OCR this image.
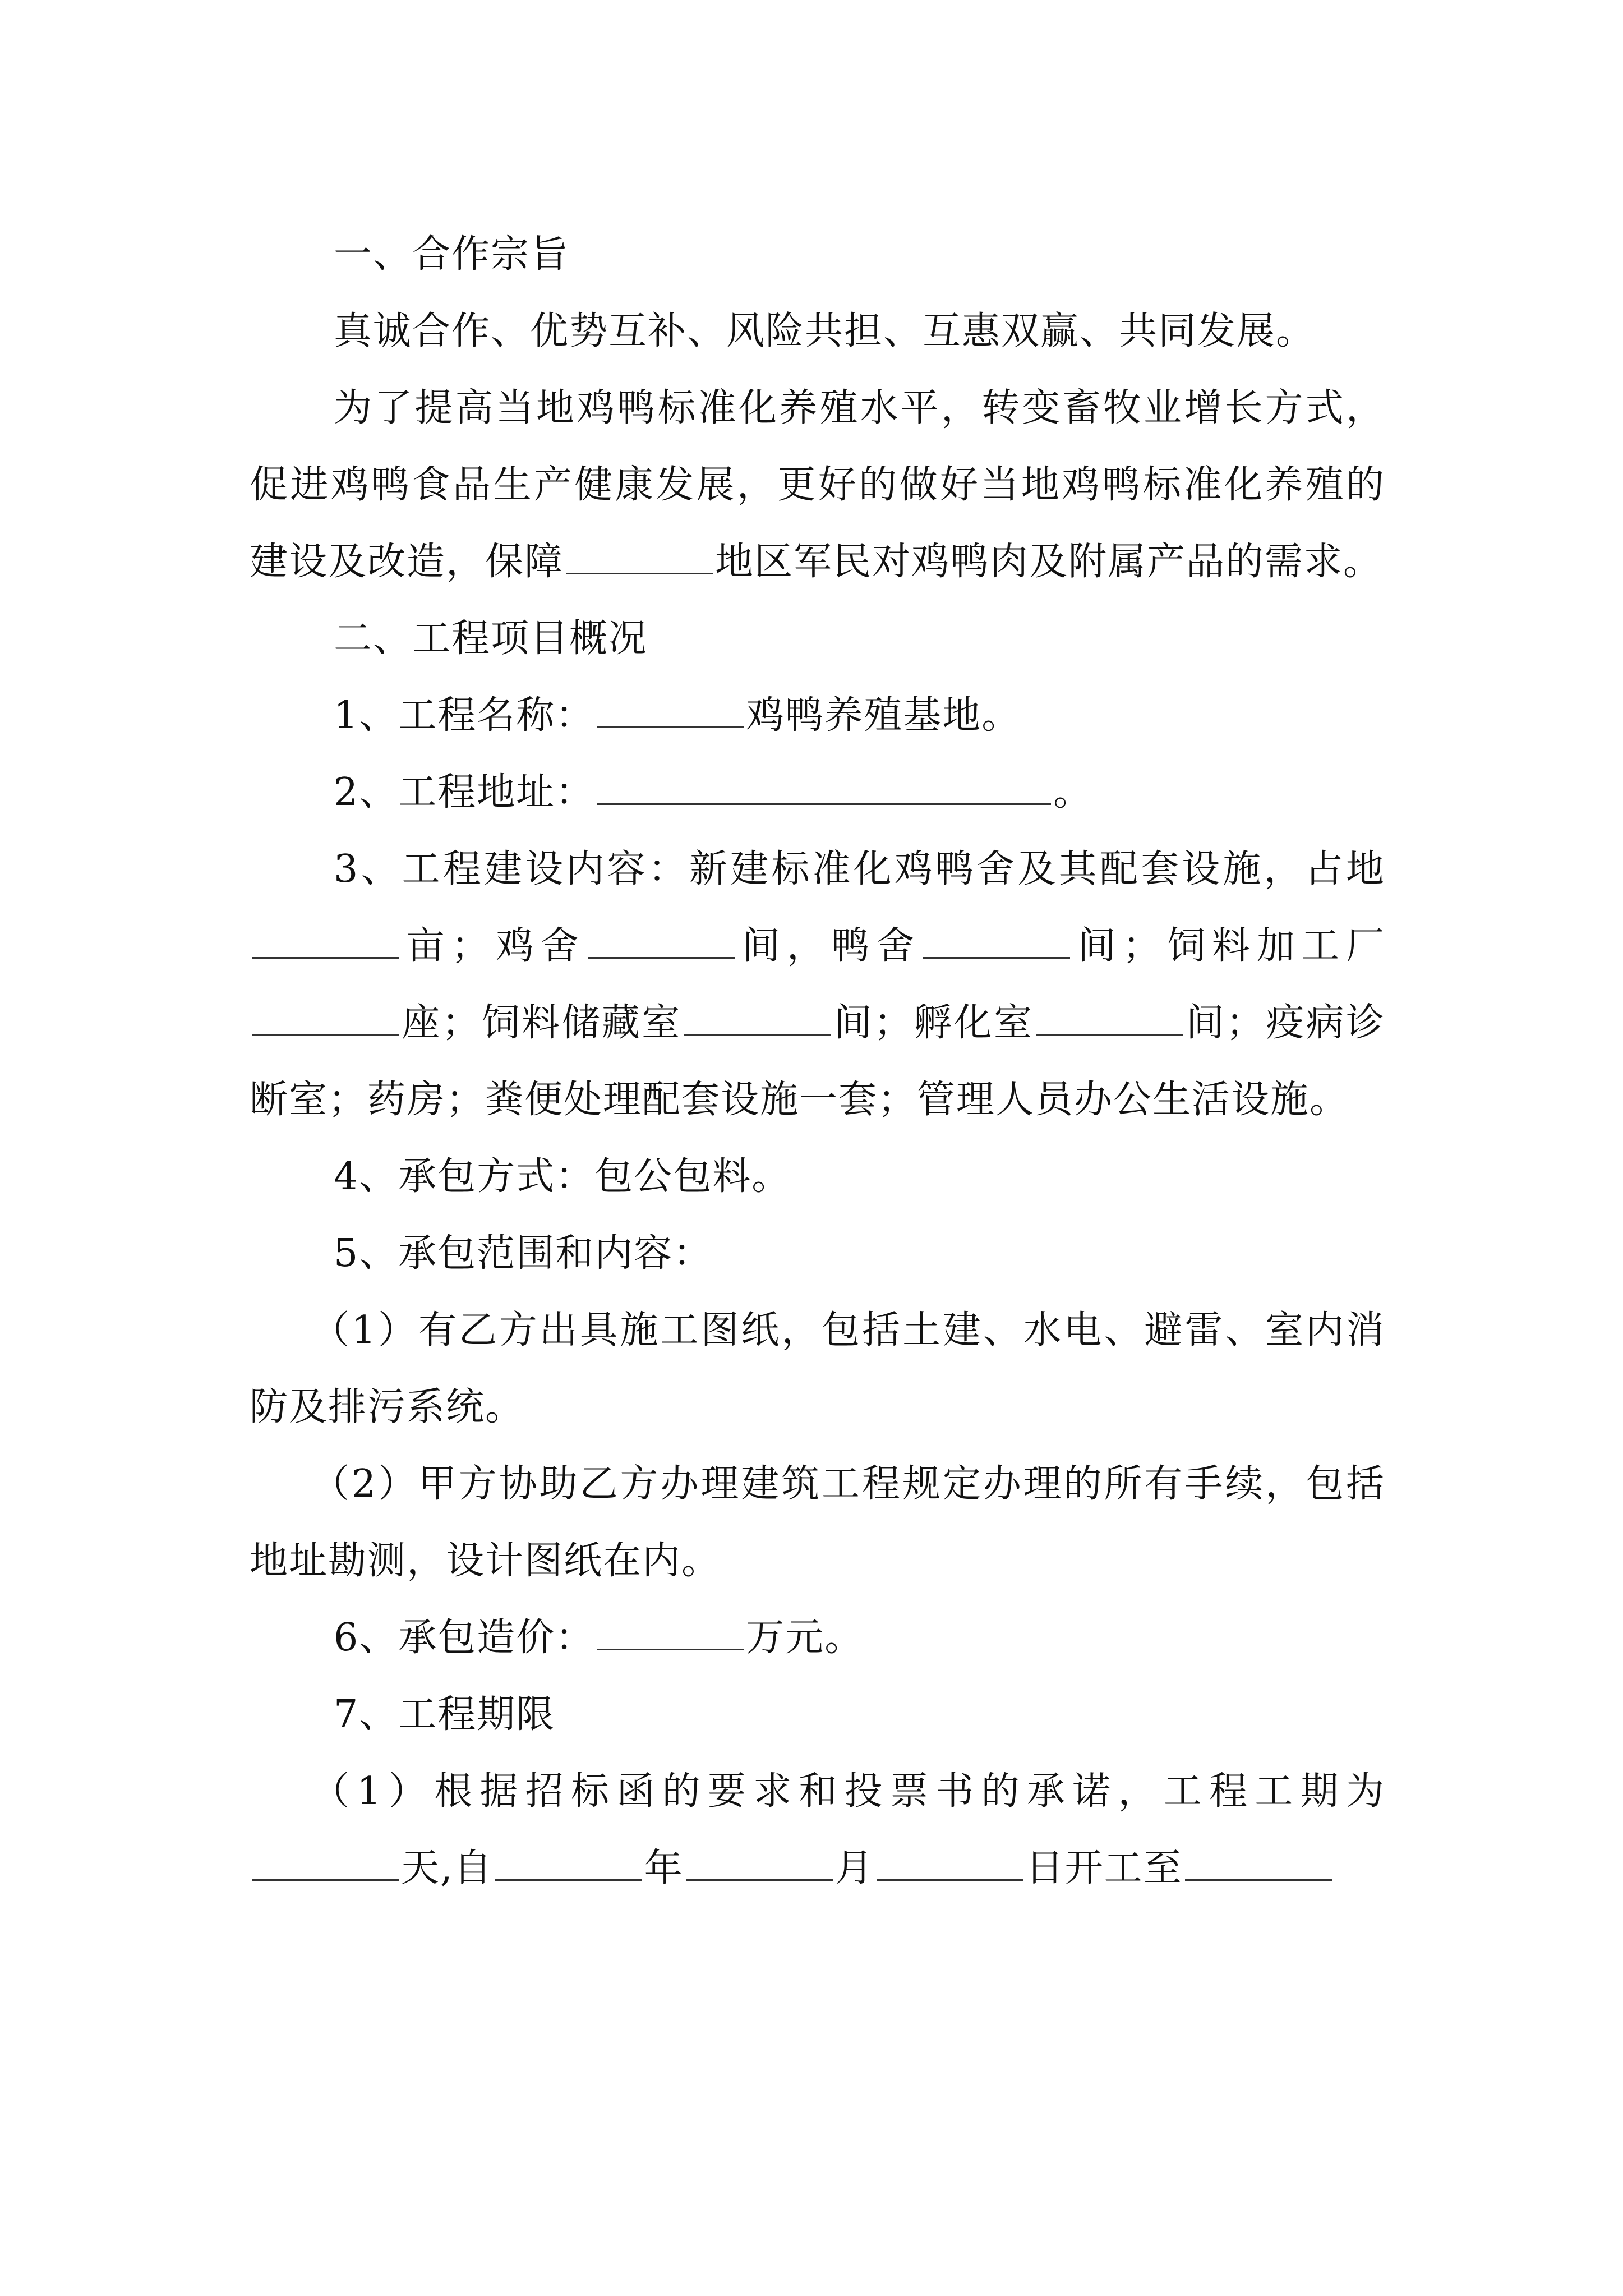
一、合作宗旨

真诚合作、优势互补、风险共担、互惠双赢、共同发展。

为了提高当地鸡鸭标准化养殖水平，转变畜牧业增长方式，促进鸡鸭食品生产健康发展，更好的做好当地鸡鸭标准化养殖的建设及改造，保障	地区军民对鸡鸭肉及附属产品的需求。

二、工程项目概况

1、工程名称：	鸡鸭养殖基地。

2、工程地址：	。

3、工程建设内容：新建标准化鸡鸭舍及其配套设施，占地亩；鸡舍	间，鸭舍	间；饲料加工厂座；饲料储藏室	间；孵化室	间；疫病诊断室；药房；粪便处理配套设施一套；管理人员办公生活设施。

4、承包方式：包公包料。

5、承包范围和内容：

（1）有乙方出具施工图纸，包括土建、水电、避雷、室内消防及排污系统。

（2）甲方协助乙方办理建筑工程规定办理的所有手续，包括地址勘测，设计图纸在内。

6、承包造价：	万元。

7、工程期限

（1）根据招标函的要求和投票书的承诺，工程工期为天,自	年	月	日开工至
